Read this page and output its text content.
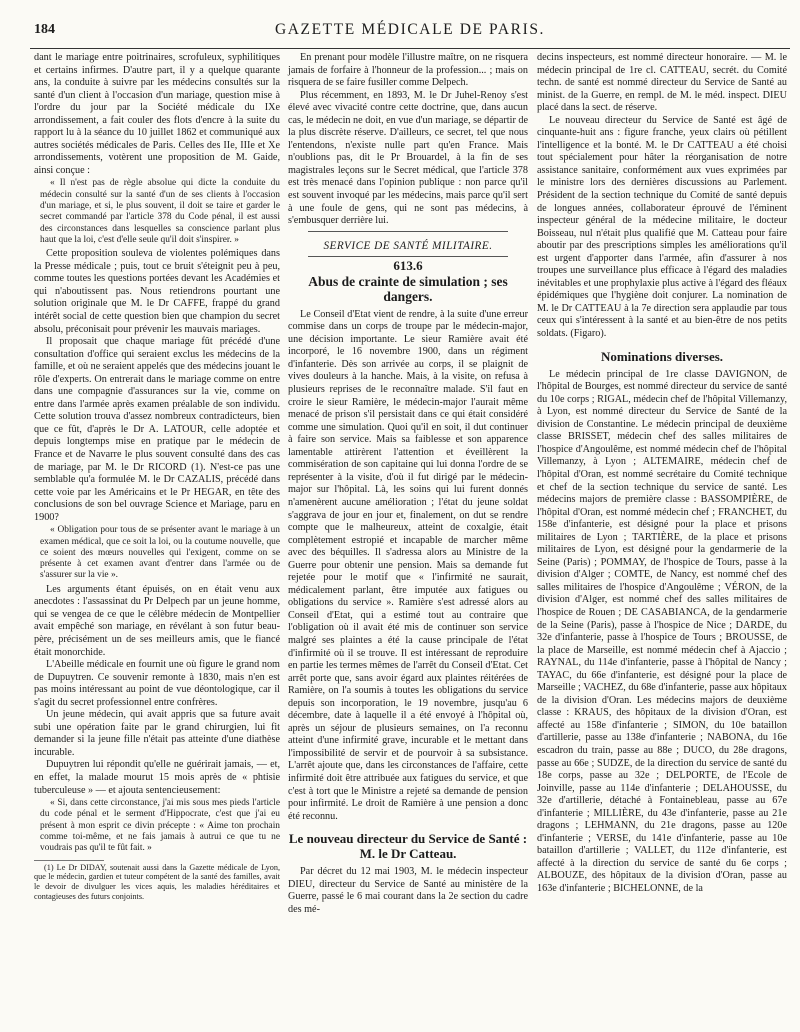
184	GAZETTE MÉDICALE DE PARIS.

dant le mariage entre poitrinaires, scrofuleux, syphilitiques et certains infirmes. D'autre part, il y a quelque quarante ans, la conduite à suivre par les médecins consultés sur la santé d'un client à l'occasion d'un mariage, question mise à l'ordre du jour par la Société médicale du IXe arrondissement, a fait couler des flots d'encre à la suite du rapport lu à la séance du 10 juillet 1862 et communiqué aux autres sociétés médicales de Paris. Celles des IIe, IIIe et Xe arrondissements, votèrent une proposition de M. Gaide, ainsi conçue :

« Il n'est pas de règle absolue qui dicte la conduite du médecin consulté sur la santé d'un de ses clients à l'occasion d'un mariage, et si, le plus souvent, il doit se taire et garder le secret commandé par l'article 378 du Code pénal, il est aussi des circonstances dans lesquelles sa conscience parlant plus haut que la loi, c'est d'elle seule qu'il doit s'inspirer. »

Cette proposition souleva de violentes polémiques dans la Presse médicale ; puis, tout ce bruit s'éteignit peu à peu, comme toutes les questions portées devant les Académies et qui n'aboutissent pas. Nous retiendrons pourtant une solution originale que M. le Dr CAFFE, frappé du grand intérêt social de cette question bien que champion du secret absolu, préconisait pour prévenir les mauvais mariages.

Il proposait que chaque mariage fût précédé d'une consultation d'office qui seraient exclus les médecins de la famille, et où ne seraient appelés que des médecins jouant le rôle d'experts. On entrerait dans le mariage comme on entre dans une compagnie d'assurances sur la vie, comme on entre dans l'armée après examen préalable de son individu. Cette solution trouva d'assez nombreux contradicteurs, bien que ce fût, d'après le Dr A. LATOUR, celle adoptée et depuis longtemps mise en pratique par le médecin de France et de Navarre le plus souvent consulté dans des cas de mariage, par M. le Dr RICORD (1). N'est-ce pas une semblable qu'a formulée M. le Dr CAZALIS, précédé dans cette voie par les Américains et le Pr HEGAR, en tête des conclusions de son bel ouvrage Science et Mariage, paru en 1900?

« Obligation pour tous de se présenter avant le mariage à un examen médical, que ce soit la loi, ou la coutume nouvelle, que ce soient des mœurs nouvelles qui l'exigent, comme on se présente à cet examen avant d'entrer dans l'armée ou de s'assurer sur la vie ».

Les arguments étant épuisés, on en était venu aux anecdotes : l'assassinat du Pr Delpech par un jeune homme, qui se vengea de ce que le célèbre médecin de Montpellier avait empêché son mariage, en révélant à son futur beau-père, précisément un de ses meilleurs amis, que le fiancé était monorchide.

L'Abeille médicale en fournit une où figure le grand nom de Dupuytren. Ce souvenir remonte à 1830, mais n'en est pas moins intéressant au point de vue déontologique, car il s'agit du secret professionnel entre confrères.

Un jeune médecin, qui avait appris que sa future avait subi une opération faite par le grand chirurgien, lui fit demander si la jeune fille n'était pas atteinte d'une diathèse incurable.

Dupuytren lui répondit qu'elle ne guérirait jamais, — et, en effet, la malade mourut 15 mois après de « phtisie tuberculeuse » — et ajouta sentencieusement:

« Si, dans cette circonstance, j'ai mis sous mes pieds l'article du code pénal et le serment d'Hippocrate, c'est que j'ai eu présent à mon esprit ce divin précepte : « Aime ton prochain comme toi-même, et ne fais jamais à autrui ce que tu ne voudrais pas qu'il te fût fait. »

(1) Le Dr DIDAY, soutenait aussi dans la Gazette médicale de Lyon, que le médecin, gardien et tuteur compétent de la santé des familles, avait le devoir de divulguer les vices aquis, les maladies héréditaires et contagieuses des futurs conjoints.

En prenant pour modèle l'illustre maître, on ne risquera jamais de forfaire à l'honneur de la profession... ; mais on risquera de se faire fusiller comme Delpech.

Plus récemment, en 1893, M. le Dr Juhel-Renoy s'est élevé avec vivacité contre cette doctrine, que, dans aucun cas, le médecin ne doit, en vue d'un mariage, se départir de la plus discrète réserve. D'ailleurs, ce secret, tel que nous l'entendons, n'existe nulle part qu'en France. Mais n'oublions pas, dit le Pr Brouardel, à la fin de ses magistrales leçons sur le Secret médical, que l'article 378 est très menacé dans l'opinion publique : non parce qu'il est souvent invoqué par les médecins, mais parce qu'il sert à une foule de gens, qui ne sont pas médecins, à s'embusquer derrière lui.

SERVICE DE SANTÉ MILITAIRE.
613.6
Abus de crainte de simulation ; ses dangers.

Le Conseil d'Etat vient de rendre, à la suite d'une erreur commise dans un corps de troupe par le médecin-major, une décision importante. Le sieur Ramière avait été incorporé, le 16 novembre 1900, dans un régiment d'infanterie. Dès son arrivée au corps, il se plaignit de vives douleurs à la hanche. Mais, à la visite, on refusa à plusieurs reprises de le reconnaître malade. S'il faut en croire le sieur Ramière, le médecin-major l'aurait même menacé de prison s'il persistait dans ce qui était considéré comme une simulation. Quoi qu'il en soit, il dut continuer à faire son service. Mais sa faiblesse et son apparence lamentable attirèrent l'attention et éveillèrent la commisération de son capitaine qui lui donna l'ordre de se représenter à la visite, d'où il fut dirigé par le médecin-major sur l'hôpital. Là, les soins qui lui furent donnés n'amenèrent aucune amélioration ; l'état du jeune soldat s'aggrava de jour en jour et, finalement, on dut se rendre compte que le malheureux, atteint de coxalgie, était complètement estropié et incapable de marcher même avec des béquilles. Il s'adressa alors au Ministre de la Guerre pour obtenir une pension. Mais sa demande fut rejetée pour le motif que « l'infirmité ne saurait, médicalement parlant, être imputée aux fatigues ou obligations du service ». Ramière s'est adressé alors au Conseil d'Etat, qui a estimé tout au contraire que l'obligation où il avait été mis de continuer son service malgré ses plaintes a été la cause principale de l'état d'infirmité où il se trouve. Il est intéressant de reproduire en partie les termes mêmes de l'arrêt du Conseil d'Etat. Cet arrêt porte que, sans avoir égard aux plaintes réitérées de Ramière, on l'a soumis à toutes les obligations du service depuis son incorporation, le 19 novembre, jusqu'au 6 décembre, date à laquelle il a été envoyé à l'hôpital où, après un séjour de plusieurs semaines, on l'a reconnu atteint d'une infirmité grave, incurable et le mettant dans l'impossibilité de servir et de pourvoir à sa subsistance. L'arrêt ajoute que, dans les circonstances de l'affaire, cette infirmité doit être attribuée aux fatigues du service, et que c'est à tort que le Ministre a rejeté sa demande de pension pour infirmité. Le droit de Ramière à une pension a donc été reconnu.

Le nouveau directeur du Service de Santé : M. le Dr Catteau.

Par décret du 12 mai 1903, M. le médecin inspecteur DIEU, directeur du Service de Santé au ministère de la Guerre, passé le 6 mai courant dans la 2e section du cadre des mé-

decins inspecteurs, est nommé directeur honoraire. — M. le médecin principal de 1re cl. CATTEAU, secrét. du Comité techn. de santé est nommé directeur du Service de Santé au minist. de la Guerre, en rempl. de M. le méd. inspect. DIEU placé dans la sect. de réserve.

Le nouveau directeur du Service de Santé est âgé de cinquante-huit ans : figure franche, yeux clairs où pétillent l'intelligence et la bonté. M. le Dr CATTEAU a été choisi tout spécialement pour hâter la réorganisation de notre assistance sanitaire, conformément aux vues exprimées par le ministre lors des dernières discussions au Parlement. Président de la section technique du Comité de santé depuis de longues années, collaborateur éprouvé de l'éminent inspecteur général de la médecine militaire, le docteur Boisseau, nul n'était plus qualifié que M. Catteau pour faire aboutir par des prescriptions simples les améliorations qu'il est urgent d'apporter dans l'armée, afin d'assurer à nos troupes une surveillance plus efficace à l'égard des maladies inévitables et une prophylaxie plus active à l'égard des fléaux épidémiques que l'hygiène doit conjurer. La nomination de M. le Dr CATTEAU à la 7e direction sera applaudie par tous ceux qui s'intéressent à la santé et au bien-être de nos petits soldats. (Figaro).

Nominations diverses.

Le médecin principal de 1re classe DAVIGNON, de l'hôpital de Bourges, est nommé directeur du service de santé du 10e corps ; RIGAL, médecin chef de l'hôpital Villemanzy, à Lyon, est nommé directeur du Service de Santé de la division de Constantine. Le médecin principal de deuxième classe BRISSET, médecin chef des salles militaires de l'hospice d'Angoulême, est nommé médecin chef de l'hôpital Villemanzy, à Lyon ; ALTEMAIRE, médecin chef de l'hôpital d'Oran, est nommé secrétaire du Comité technique et chef de la section technique du service de santé. Les médecins majors de première classe : BASSOMPIÈRE, de l'hôpital d'Oran, est nommé médecin chef ; FRANCHET, du 158e d'infanterie, est désigné pour la place et prisons militaires de Lyon ; TARTIÈRE, de la place et prisons militaires de Lyon, est désigné pour la gendarmerie de la Seine (Paris) ; POMMAY, de l'hospice de Tours, passe à la division d'Alger ; COMTE, de Nancy, est nommé chef des salles militaires de l'hospice d'Angoulême ; VÉRON, de la division d'Alger, est nommé chef des salles militaires de l'hospice de Rouen ; DE CASABIANCA, de la gendarmerie de la Seine (Paris), passe à l'hospice de Nice ; DARDE, du 32e d'infanterie, passe à l'hospice de Tours ; BROUSSE, de la place de Marseille, est nommé médecin chef à Ajaccio ; RAYNAL, du 114e d'infanterie, passe à l'hôpital de Nancy ; TAYAC, du 66e d'infanterie, est désigné pour la place de Marseille ; VACHEZ, du 68e d'infanterie, passe aux hôpitaux de la division d'Oran. Les médecins majors de deuxième classe : KRAUS, des hôpitaux de la division d'Oran, est affecté au 158e d'infanterie ; SIMON, du 10e bataillon d'artillerie, passe au 138e d'infanterie ; NABONA, du 16e escadron du train, passe au 88e ; DUCO, du 28e dragons, passe au 66e ; SUDZE, de la direction du service de santé du 18e corps, passe au 32e ; DELPORTE, de l'Ecole de Joinville, passe au 114e d'infanterie ; DELAHOUSSE, du 32e d'artillerie, détaché à Fontainebleau, passe au 67e d'infanterie ; MILLIÈRE, du 43e d'infanterie, passe au 21e dragons ; LEHMANN, du 21e dragons, passe au 120e d'infanterie ; VERSE, du 141e d'infanterie, passe au 10e bataillon d'artillerie ; VALLET, du 112e d'infanterie, est affecté à la direction du service de santé du 6e corps ; ALBOUZE, des hôpitaux de la division d'Oran, passe au 163e d'infanterie ; BICHELONNE, de la
